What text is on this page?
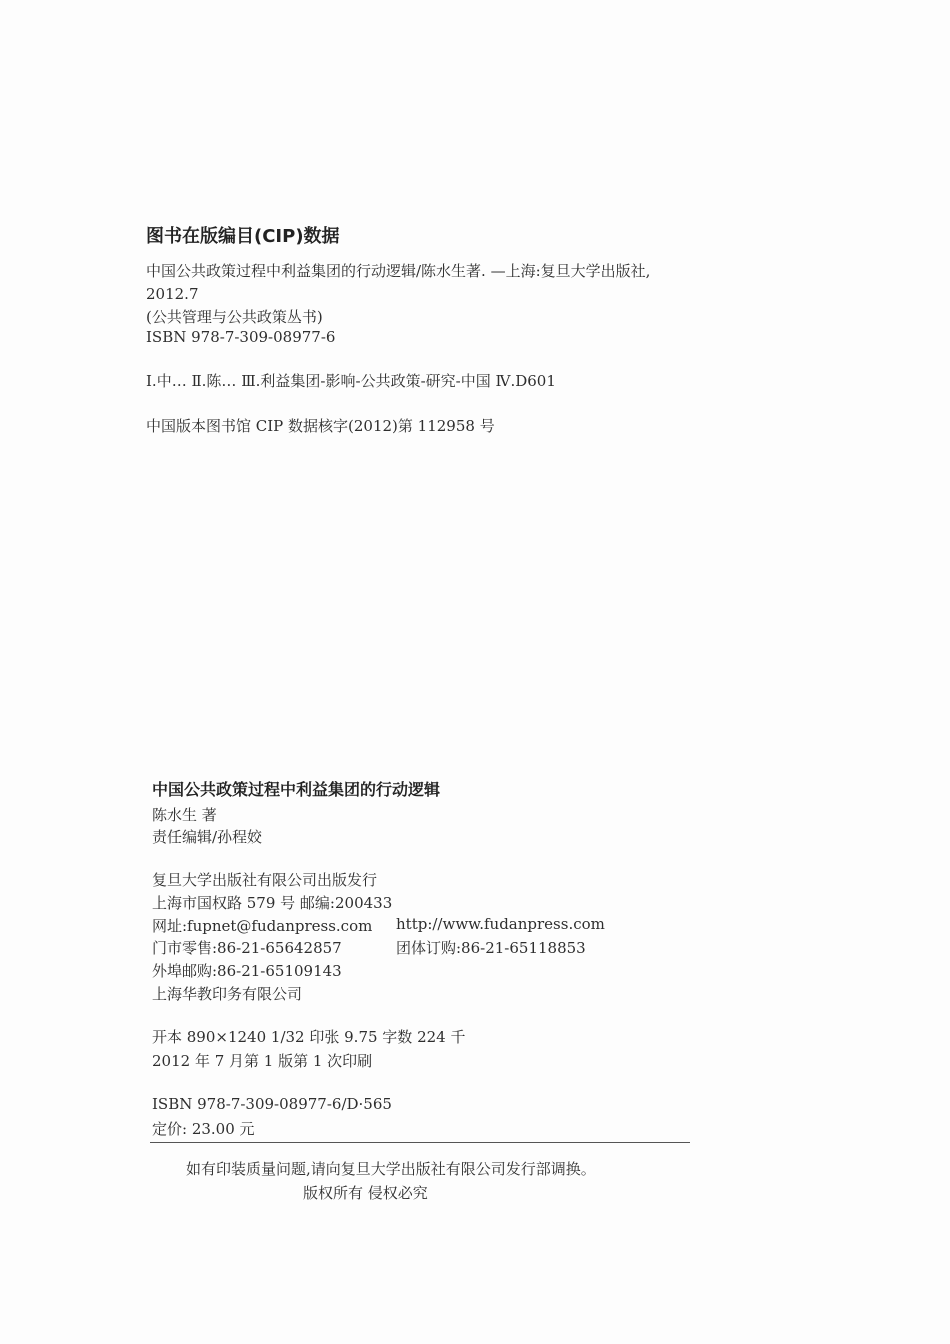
图书在版编目(CIP)数据
中国公共政策过程中利益集团的行动逻辑/陈水生著. —上海:复旦大学出版社,
2012.7
(公共管理与公共政策丛书)
ISBN 978-7-309-08977-6
Ⅰ.中… Ⅱ.陈… Ⅲ.利益集团-影响-公共政策-研究-中国 Ⅳ.D601
中国版本图书馆 CIP 数据核字(2012)第 112958 号
中国公共政策过程中利益集团的行动逻辑
陈水生 著
责任编辑/孙程姣
复旦大学出版社有限公司出版发行
上海市国权路 579 号 邮编:200433
网址:fupnet@fudanpress.com http://www.fudanpress.com
门市零售:86-21-65642857	团体订购:86-21-65118853
外埠邮购:86-21-65109143
上海华教印务有限公司
开本 890×1240 1/32 印张 9.75 字数 224 千
2012 年 7 月第 1 版第 1 次印刷
ISBN 978-7-309-08977-6/D·565
定价: 23.00 元
如有印装质量问题,请向复旦大学出版社有限公司发行部调换。
版权所有 侵权必究
